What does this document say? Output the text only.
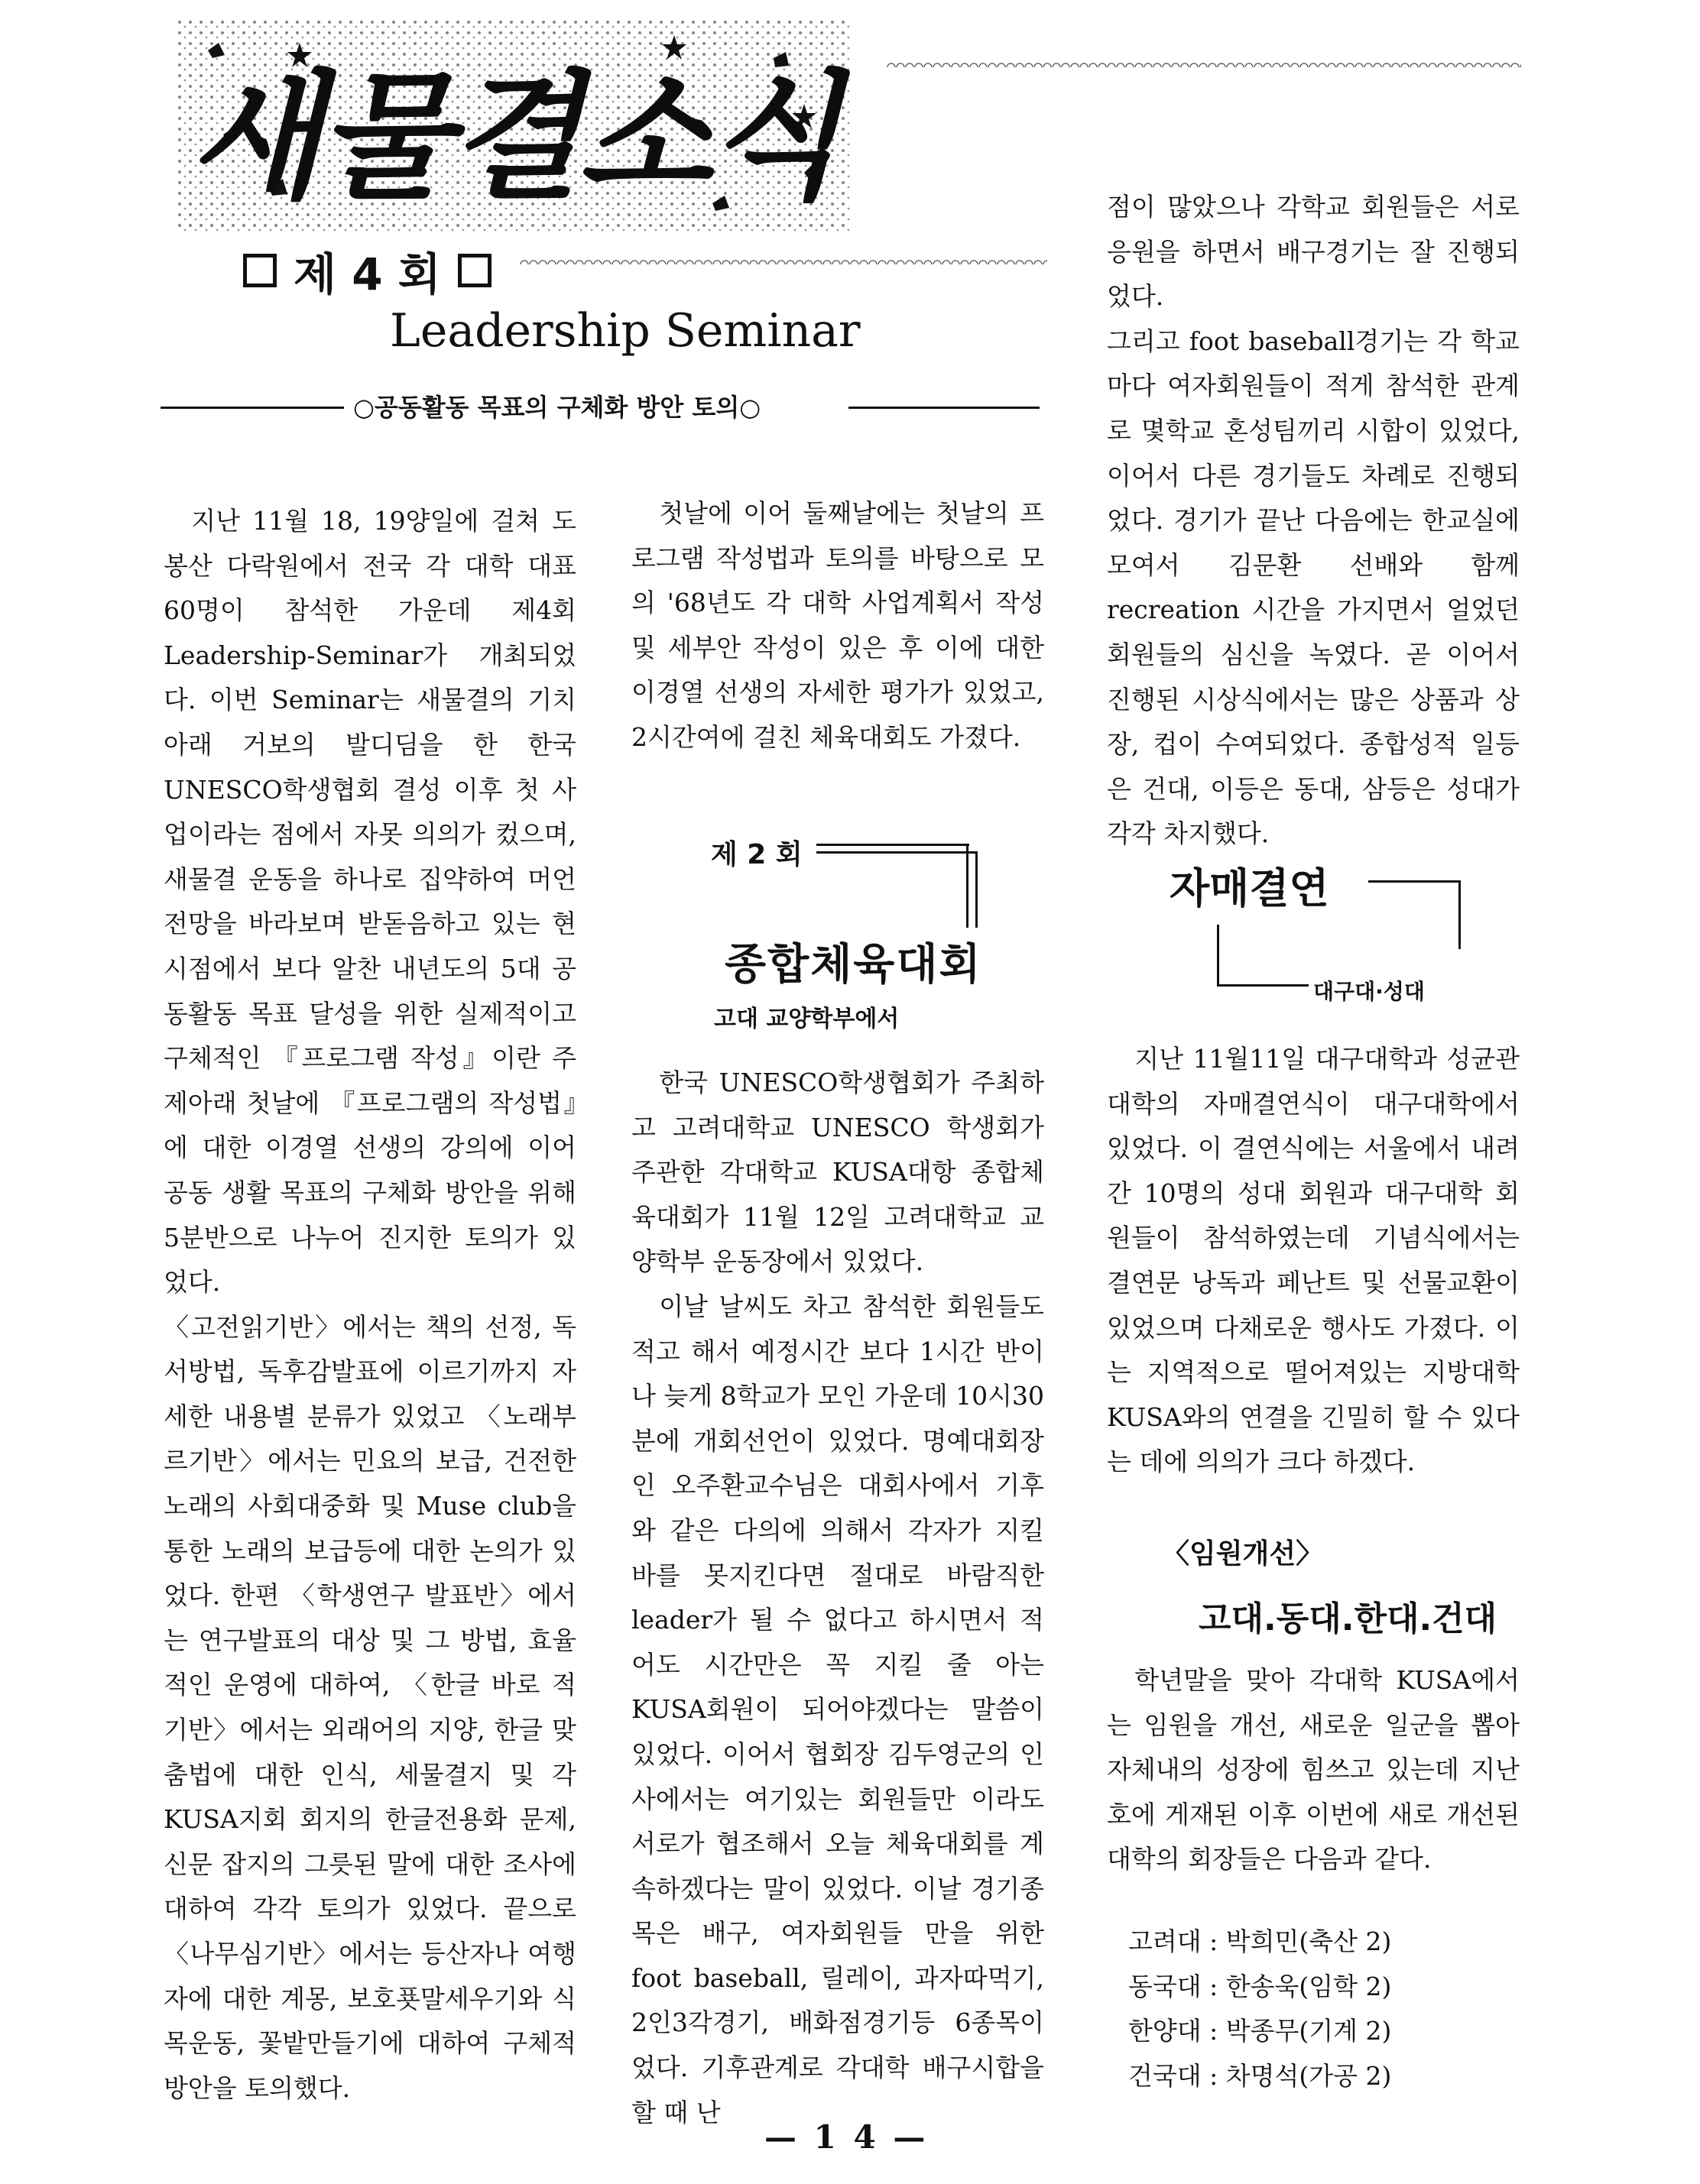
새물결소식
제 4 회
Leadership Seminar
○공동활동 목표의 구체화 방안 토의○

지난 11월 18, 19양일에 걸쳐 도봉산 다락원에서 전국 각 대학 대표 60명이 참석한 가운데 제4회 Leadership-Seminar가 개최되었다. 이번 Seminar는 새물결의 기치 아래 거보의 발디딤을 한 한국 UNESCO학생협회 결성 이후 첫 사업이라는 점에서 자못 의의가 컸으며, 새물결 운동을 하나로 집약하여 머언 전망을 바라보며 받돋음하고 있는 현시점에서 보다 알찬 내년도의 5대 공동활동 목표 달성을 위한 실제적이고 구체적인 『프로그램 작성』이란 주제아래 첫날에 『프로그램의 작성법』에 대한 이경열 선생의 강의에 이어 공동 생활 목표의 구체화 방안을 위해 5분반으로 나누어 진지한 토의가 있었다.

〈고전읽기반〉에서는 책의 선정, 독서방법, 독후감발표에 이르기까지 자세한 내용별 분류가 있었고 〈노래부르기반〉에서는 민요의 보급, 건전한 노래의 사회대중화 및 Muse club을 통한 노래의 보급등에 대한 논의가 있었다. 한편 〈학생연구 발표반〉에서는 연구발표의 대상 및 그 방법, 효율적인 운영에 대하여, 〈한글 바로 적기반〉에서는 외래어의 지양, 한글 맞춤법에 대한 인식, 세물결지 및 각 KUSA지회 회지의 한글전용화 문제, 신문 잡지의 그릇된 말에 대한 조사에 대하여 각각 토의가 있었다. 끝으로 〈나무심기반〉에서는 등산자나 여행자에 대한 계몽, 보호푯말세우기와 식목운동, 꽃밭만들기에 대하여 구체적 방안을 토의했다.

첫날에 이어 둘째날에는 첫날의 프로그램 작성법과 토의를 바탕으로 모의 '68년도 각 대학 사업계획서 작성및 세부안 작성이 있은 후 이에 대한 이경열 선생의 자세한 평가가 있었고, 2시간여에 걸친 체육대회도 가졌다.

제 2 회
종합체육대회
고대 교양학부에서

한국 UNESCO학생협회가 주최하고 고려대학교 UNESCO 학생회가 주관한 각대학교 KUSA대항 종합체육대회가 11월 12일 고려대학교 교양학부 운동장에서 있었다.

이날 날씨도 차고 참석한 회원들도 적고 해서 예정시간 보다 1시간 반이나 늦게 8학교가 모인 가운데 10시30분에 개회선언이 있었다. 명예대회장인 오주환교수님은 대회사에서 기후와 같은 다의에 의해서 각자가 지킬 바를 못지킨다면 절대로 바람직한 leader가 될 수 없다고 하시면서 적어도 시간만은 꼭 지킬 줄 아는 KUSA회원이 되어야겠다는 말씀이 있었다. 이어서 협회장 김두영군의 인사에서는 여기있는 회원들만 이라도 서로가 협조해서 오늘 체육대회를 계속하겠다는 말이 있었다. 이날 경기종목은 배구, 여자회원들 만을 위한 foot baseball, 릴레이, 과자따먹기, 2인3각경기, 배화점경기등 6종목이었다. 기후관계로 각대학 배구시합을 할 때 난

점이 많았으나 각학교 회원들은 서로 응원을 하면서 배구경기는 잘 진행되었다.

그리고 foot baseball경기는 각 학교마다 여자회원들이 적게 참석한 관계로 몇학교 혼성팀끼리 시합이 있었다, 이어서 다른 경기들도 차례로 진행되었다. 경기가 끝난 다음에는 한교실에 모여서 김문환 선배와 함께 recreation 시간을 가지면서 얼었던 회원들의 심신을 녹였다. 곧 이어서 진행된 시상식에서는 많은 상품과 상장, 컵이 수여되었다. 종합성적 일등은 건대, 이등은 동대, 삼등은 성대가 각각 차지했다.

자매결연
대구대·성대

지난 11월11일 대구대학과 성균관대학의 자매결연식이 대구대학에서 있었다. 이 결연식에는 서울에서 내려간 10명의 성대 회원과 대구대학 회원들이 참석하였는데 기념식에서는 결연문 낭독과 페난트 및 선물교환이 있었으며 다채로운 행사도 가졌다. 이는 지역적으로 떨어져있는 지방대학 KUSA와의 연결을 긴밀히 할 수 있다는 데에 의의가 크다 하겠다.

〈임원개선〉
고대.동대.한대.건대

학년말을 맞아 각대학 KUSA에서는 임원을 개선, 새로운 일군을 뽑아 자체내의 성장에 힘쓰고 있는데 지난호에 게재된 이후 이번에 새로 개선된 대학의 회장들은 다음과 같다.

고려대 : 박희민(축산 2)
동국대 : 한송욱(임학 2)
한양대 : 박종무(기계 2)
건국대 : 차명석(가공 2)
— 1 4 —
